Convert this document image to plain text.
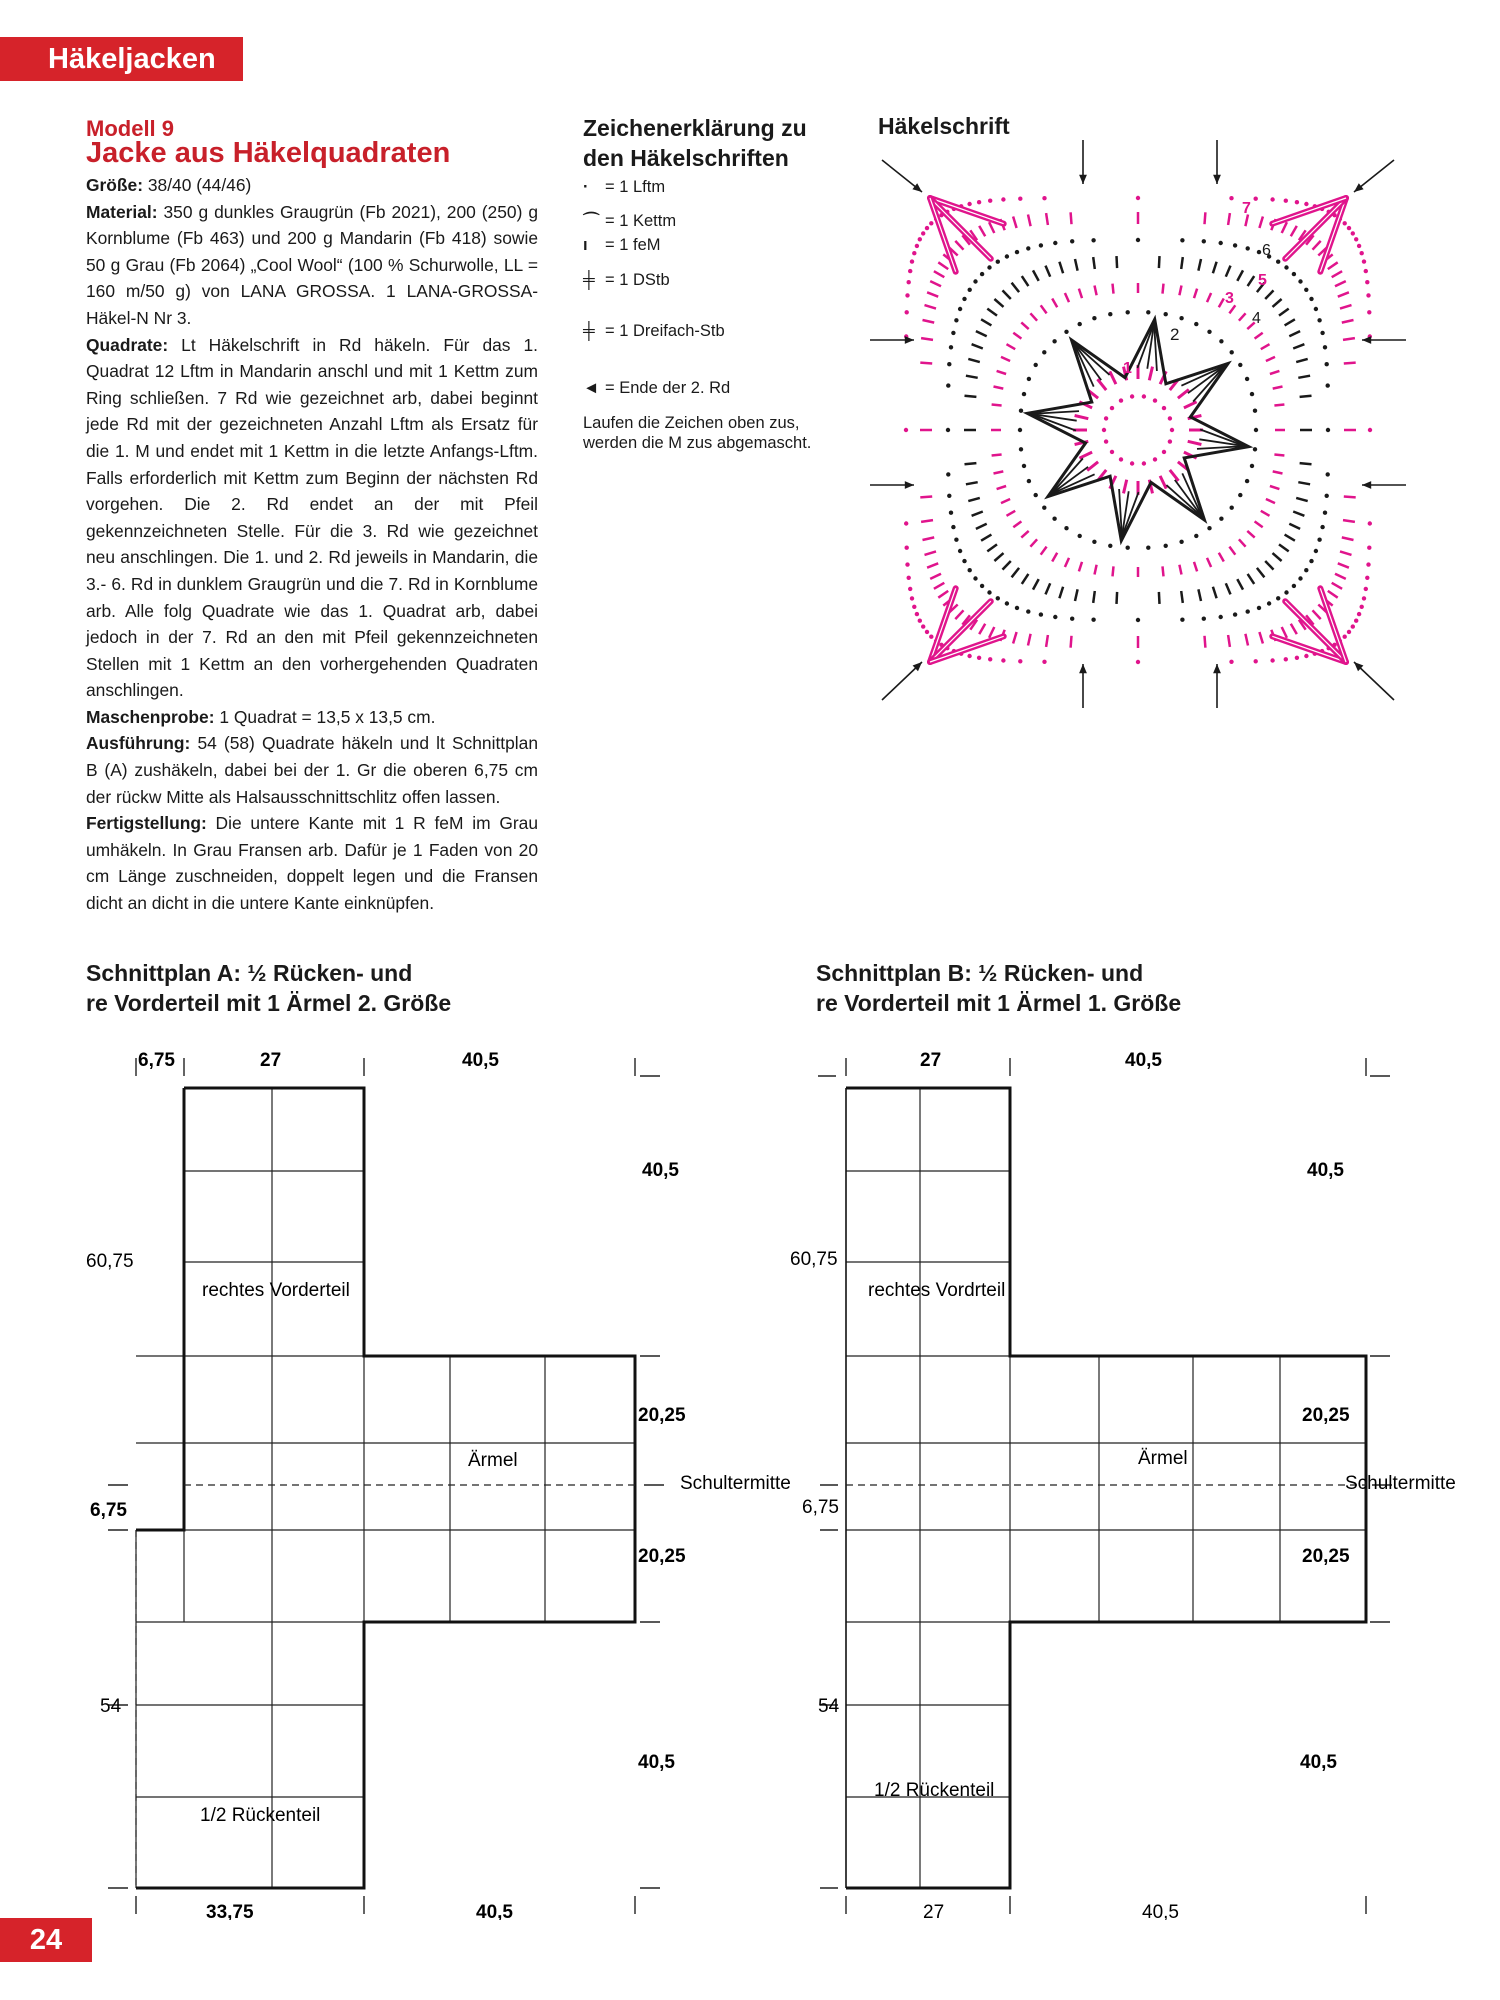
Häkeljacken
24
Modell 9
Jacke aus Häkelquadraten

Größe: 38/40 (44/46)

Material: 350 g dunkles Graugrün (Fb 2021), 200 (250) g Kornblume (Fb 463) und 200 g Mandarin (Fb 418) sowie 50 g Grau (Fb 2064) „Cool Wool“ (100 % Schurwolle, LL = 160 m/50 g) von LANA GROSSA. 1 LANA-GROSSA-Häkel-N Nr 3.

Quadrate: Lt Häkelschrift in Rd häkeln. Für das 1. Quadrat 12 Lftm in Mandarin anschl und mit 1 Kettm zum Ring schließen. 7 Rd wie gezeichnet arb, dabei beginnt jede Rd mit der gezeichneten Anzahl Lftm als Ersatz für die 1. M und endet mit 1 Kettm in die letzte Anfangs-Lftm. Falls erforderlich mit Kettm zum Beginn der nächsten Rd vorgehen. Die 2. Rd endet an der mit Pfeil gekennzeichneten Stelle. Für die 3. Rd wie gezeichnet neu anschlingen. Die 1. und 2. Rd jeweils in Mandarin, die 3.- 6. Rd in dunklem Graugrün und die 7. Rd in Kornblume arb. Alle folg Quadrate wie das 1. Quadrat arb, dabei jedoch in der 7. Rd an den mit Pfeil gekennzeichneten Stellen mit 1 Kettm an den vorhergehenden Quadraten anschlingen.

Maschenprobe: 1 Quadrat = 13,5 x 13,5 cm.

Ausführung: 54 (58) Quadrate häkeln und lt Schnittplan B (A) zushäkeln, dabei bei der 1. Gr die oberen 6,75 cm der rückw Mitte als Halsausschnittschlitz offen lassen.

Fertigstellung: Die untere Kante mit 1 R feM im Grau umhäkeln. In Grau Fransen arb. Dafür je 1 Faden von 20 cm Länge zuschneiden, doppelt legen und die Fransen dicht an dicht in die untere Kante einknüpfen.

Zeichenerklärung zu den Häkelschriften
· = 1 Lftm
⌒ = 1 Kettm
ı = 1 feM
╪ = 1 DStb
╪ = 1 Dreifach-Stb
◄ = Ende der 2. Rd
Laufen die Zeichen oben zus, werden die M zus abgemascht.
Häkelschrift
1
2
3
4
5
6
7
Schnittplan A: ½ Rücken- und
re Vorderteil mit 1 Ärmel 2. Größe
6,75	27	40,5
40,5
60,75
6,75
20,25
20,25
54
40,5
33,75	40,5
rechtes Vorderteil
Ärmel
1/2 Rückenteil
Schultermitte
Schnittplan B: ½ Rücken- und
re Vorderteil mit 1 Ärmel 1. Größe
27	40,5
40,5
60,75
6,75
20,25
20,25
54
40,5
27	40,5
rechtes Vordrteil
Ärmel
1/2 Rückenteil
Schultermitte
